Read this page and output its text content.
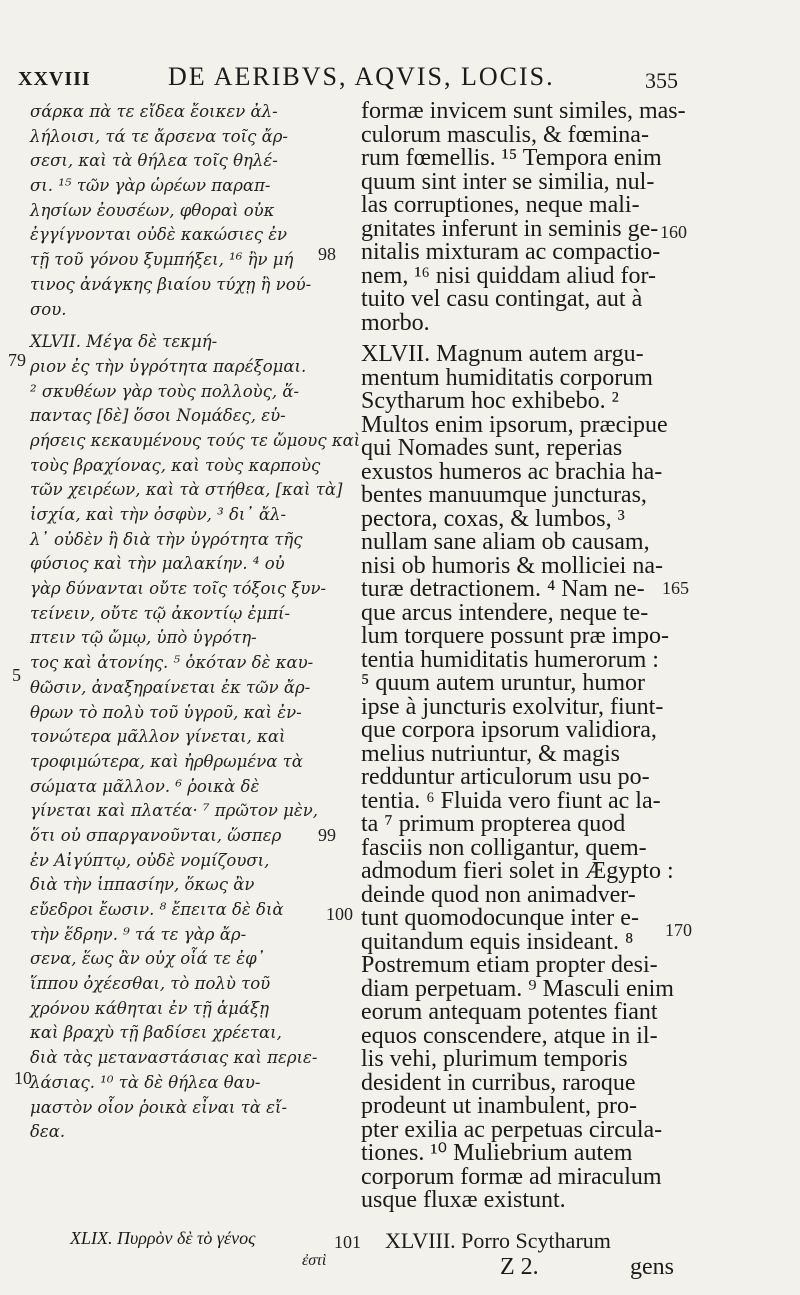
XXVIII	DE AERIBVS, AQVIS, LOCIS.	355
σάρκα πὰ τε εἴδεα ἔοικεν ἀλ-
λήλοισι, τά τε ἄρσενα τοῖς ἄρ-
σεσι, καὶ τὰ θήλεα τοῖς θηλέ-
σι. ¹⁵ τῶν γὰρ ὡρέων παραπ-
λησίων ἐουσέων, φθοραὶ οὐκ
ἐγγίγνονται οὐδὲ κακώσιες ἐν
τῇ τοῦ γόνου ξυμπήξει, ¹⁶ ἢν μή
τινος ἀνάγκης βιαίου τύχῃ ἢ νού-
σου.
XLVII. Μέγα δὲ τεκμή-
ριον ἐς τὴν ὑγρότητα παρέξομαι.
² σκυθέων γὰρ τοὺς πολλοὺς, ἅ-
παντας [δὲ] ὅσοι Νομάδες, εὑ-
ρήσεις κεκαυμένους τούς τε ὤμους καὶ
τοὺς βραχίονας, καὶ τοὺς καρποὺς
τῶν χειρέων, καὶ τὰ στήθεα, [καὶ τὰ]
ἰσχία, καὶ τὴν ὀσφὺν, ³ δι᾽ ἄλ-
λ᾽ οὐδὲν ἢ διὰ τὴν ὑγρότητα τῆς
φύσιος καὶ τὴν μαλακίην. ⁴ οὐ
γὰρ δύνανται οὔτε τοῖς τόξοις ξυν-
τείνειν, οὔτε τῷ ἀκοντίῳ ἐμπί-
πτειν τῷ ὤμῳ, ὑπὸ ὑγρότη-
τος καὶ ἀτονίης. ⁵ ὁκόταν δὲ καυ-
θῶσιν, ἀναξηραίνεται ἐκ τῶν ἄρ-
θρων τὸ πολὺ τοῦ ὑγροῦ, καὶ ἐν-
τονώτερα μᾶλλον γίνεται, καὶ
τροφιμώτερα, καὶ ἠρθρωμένα τὰ
σώματα μᾶλλον. ⁶ ῥοικὰ δὲ
γίνεται καὶ πλατέα· ⁷ πρῶτον μὲν,
ὅτι οὐ σπαργανοῦνται, ὥσπερ
ἐν Αἰγύπτῳ, οὐδὲ νομίζουσι,
διὰ τὴν ἱππασίην, ὅκως ἂν
εὔεδροι ἔωσιν. ⁸ ἔπειτα δὲ διὰ
τὴν ἕδρην. ⁹ τά τε γὰρ ἄρ-
σενα, ἕως ἂν οὐχ οἷά τε ἐφ᾽
ἵππου ὀχέεσθαι, τὸ πολὺ τοῦ
χρόνου κάθηται ἐν τῇ ἁμάξῃ
καὶ βραχὺ τῇ βαδίσει χρέεται,
διὰ τὰς μεταναστάσιας καὶ περιε-
λάσιας. ¹⁰ τὰ δὲ θήλεα θαυ-
μαστὸν οἷον ῥοικὰ εἶναι τὰ εἴ-
δεα.
formæ invicem sunt similes, mas-
culorum masculis, & fœmina-
rum fœmellis. ¹⁵ Tempora enim
quum sint inter se similia, nul-
las corruptiones, neque mali-
gnitates inferunt in seminis ge-
nitalis mixturam ac compactio-
nem, ¹⁶ nisi quiddam aliud for-
tuito vel casu contingat, aut à
morbo.
XLVII. Magnum autem argu-
mentum humiditatis corporum
Scytharum hoc exhibebo. ²
Multos enim ipsorum, præcipue
qui Nomades sunt, reperias
exustos humeros ac brachia ha-
bentes manuumque juncturas,
pectora, coxas, & lumbos, ³
nullam sane aliam ob causam,
nisi ob humoris & molliciei na-
turæ detractionem. ⁴ Nam ne-
que arcus intendere, neque te-
lum torquere possunt præ impo-
tentia humiditatis humerorum :
⁵ quum autem uruntur, humor
ipse à juncturis exolvitur, fiunt-
que corpora ipsorum validiora,
melius nutriuntur, & magis
redduntur articulorum usu po-
tentia. ⁶ Fluida vero fiunt ac la-
ta ⁷ primum propterea quod
fasciis non colligantur, quem-
admodum fieri solet in Ægypto :
deinde quod non animadver-
tunt quomodocunque inter e-
quitandum equis insideant. ⁸
Postremum etiam propter desi-
diam perpetuam. ⁹ Masculi enim
eorum antequam potentes fiant
equos conscendere, atque in il-
lis vehi, plurimum temporis
desident in curribus, raroque
prodeunt ut inambulent, pro-
pter exilia ac perpetuas circula-
tiones. ¹⁰ Muliebrium autem
corporum formæ ad miraculum
usque fluxæ existunt.
79
5
10
98
99
100
101
160
165
170
XLIX. Πυρρὸν δὲ τὸ γένος
ἐστὶ
XLVIII. Porro Scytharum
Z 2.	gens
